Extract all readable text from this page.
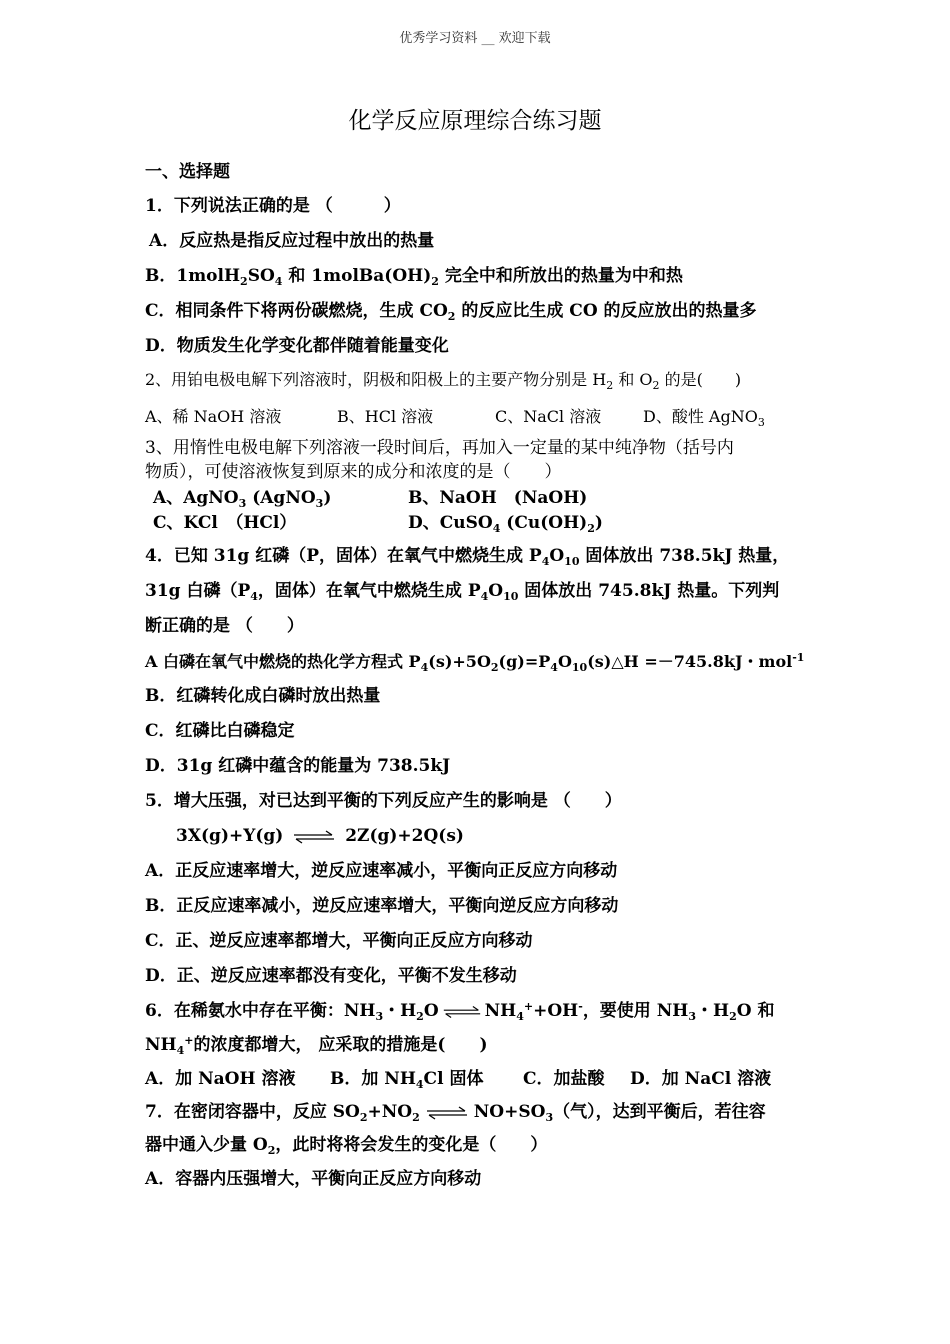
优秀学习资料 __ 欢迎下载
化学反应原理综合练习题
一、选择题
1．下列说法正确的是 （　　　）
A．反应热是指反应过程中放出的热量
B．$1molH_2SO_4$ 和 $1molBa(OH)_2$ 完全中和所放出的热量为中和热
C．相同条件下将两份碳燃烧，生成 $CO_2$ 的反应比生成 CO 的反应放出的热量多
D．物质发生化学变化都伴随着能量变化
2、用铂电极电解下列溶液时，阴极和阳极上的主要产物分别是 $H_2$ 和 $O_2$ 的是(　　)
A、稀 NaOH 溶液	B、HCl 溶液	C、NaCl 溶液	D、酸性 AgNO$_3$
3、用惰性电极电解下列溶液一段时间后，再加入一定量的某中纯净物（括号内
物质），可使溶液恢复到原来的成分和浓度的是（　　）
A、AgNO$_3$ (AgNO$_3$)	B、NaOH　(NaOH)
C、KCl　（HCl）	D、CuSO$_4$ $(Cu(OH)_2)$
4．已知 31g 红磷（P，固体）在氧气中燃烧生成 $P_4O_{10}$ 固体放出 738.5kJ 热量，
31g 白磷（$P_4$，固体）在氧气中燃烧生成 $P_4O_{10}$ 固体放出 745.8kJ 热量。下列判
断正确的是 （　　）
A 白磷在氧气中燃烧的热化学方程式 $P_4(s)+5O_2(g)=P_4O_{10}(s)\triangle H =-745.8kJ$・mol$^{-1}$
B．红磷转化成白磷时放出热量
C．红磷比白磷稳定
D．31g 红磷中蕴含的能量为 738.5kJ
5．增大压强，对已达到平衡的下列反应产生的影响是 （　　）
3X(g)+Y(g) ⇌ 2Z(g)+2Q(s)
A．正反应速率增大，逆反应速率减小，平衡向正反应方向移动
B．正反应速率减小，逆反应速率增大，平衡向逆反应方向移动
C．正、逆反应速率都增大，平衡向正反应方向移动
D．正、逆反应速率都没有变化，平衡不发生移动
6．在稀氨水中存在平衡：$NH_3$・$H_2O$ ⇌ $NH_4^++OH^-$，要使用 $NH_3$・$H_2O$ 和
$NH_4^+$的浓度都增大， 应采取的措施是(　　)
A．加 NaOH 溶液 B．加 $NH_4Cl$ 固体 C．加盐酸 D．加 NaCl 溶液
7．在密闭容器中，反应 $SO_2+NO_2$ ⇌ $NO+SO_3$（气），达到平衡后，若往容
器中通入少量 $O_2$，此时将将会发生的变化是（　　）
A．容器内压强增大，平衡向正反应方向移动
